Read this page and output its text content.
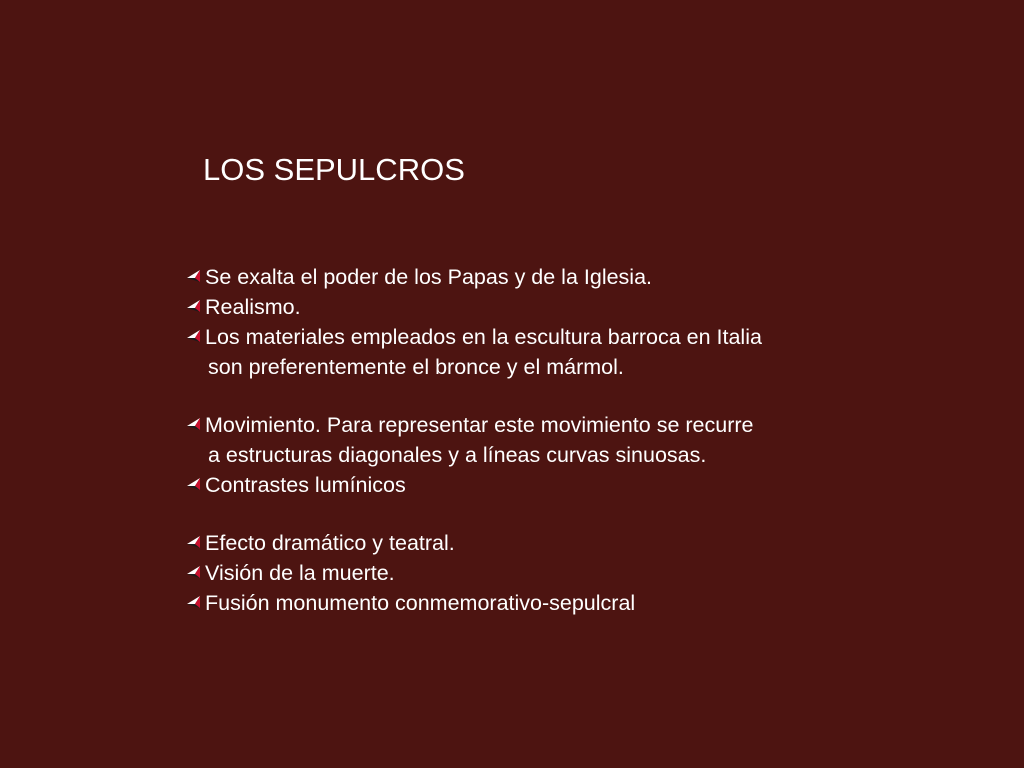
LOS SEPULCROS
Se exalta el poder de los Papas y de la Iglesia.
Realismo.
Los materiales empleados en la escultura barroca en Italia
son preferentemente el bronce y el mármol.
Movimiento. Para representar este movimiento se recurre
a estructuras diagonales y a líneas curvas sinuosas.
Contrastes lumínicos
Efecto dramático y teatral.
Visión de la muerte.
Fusión monumento conmemorativo-sepulcral
